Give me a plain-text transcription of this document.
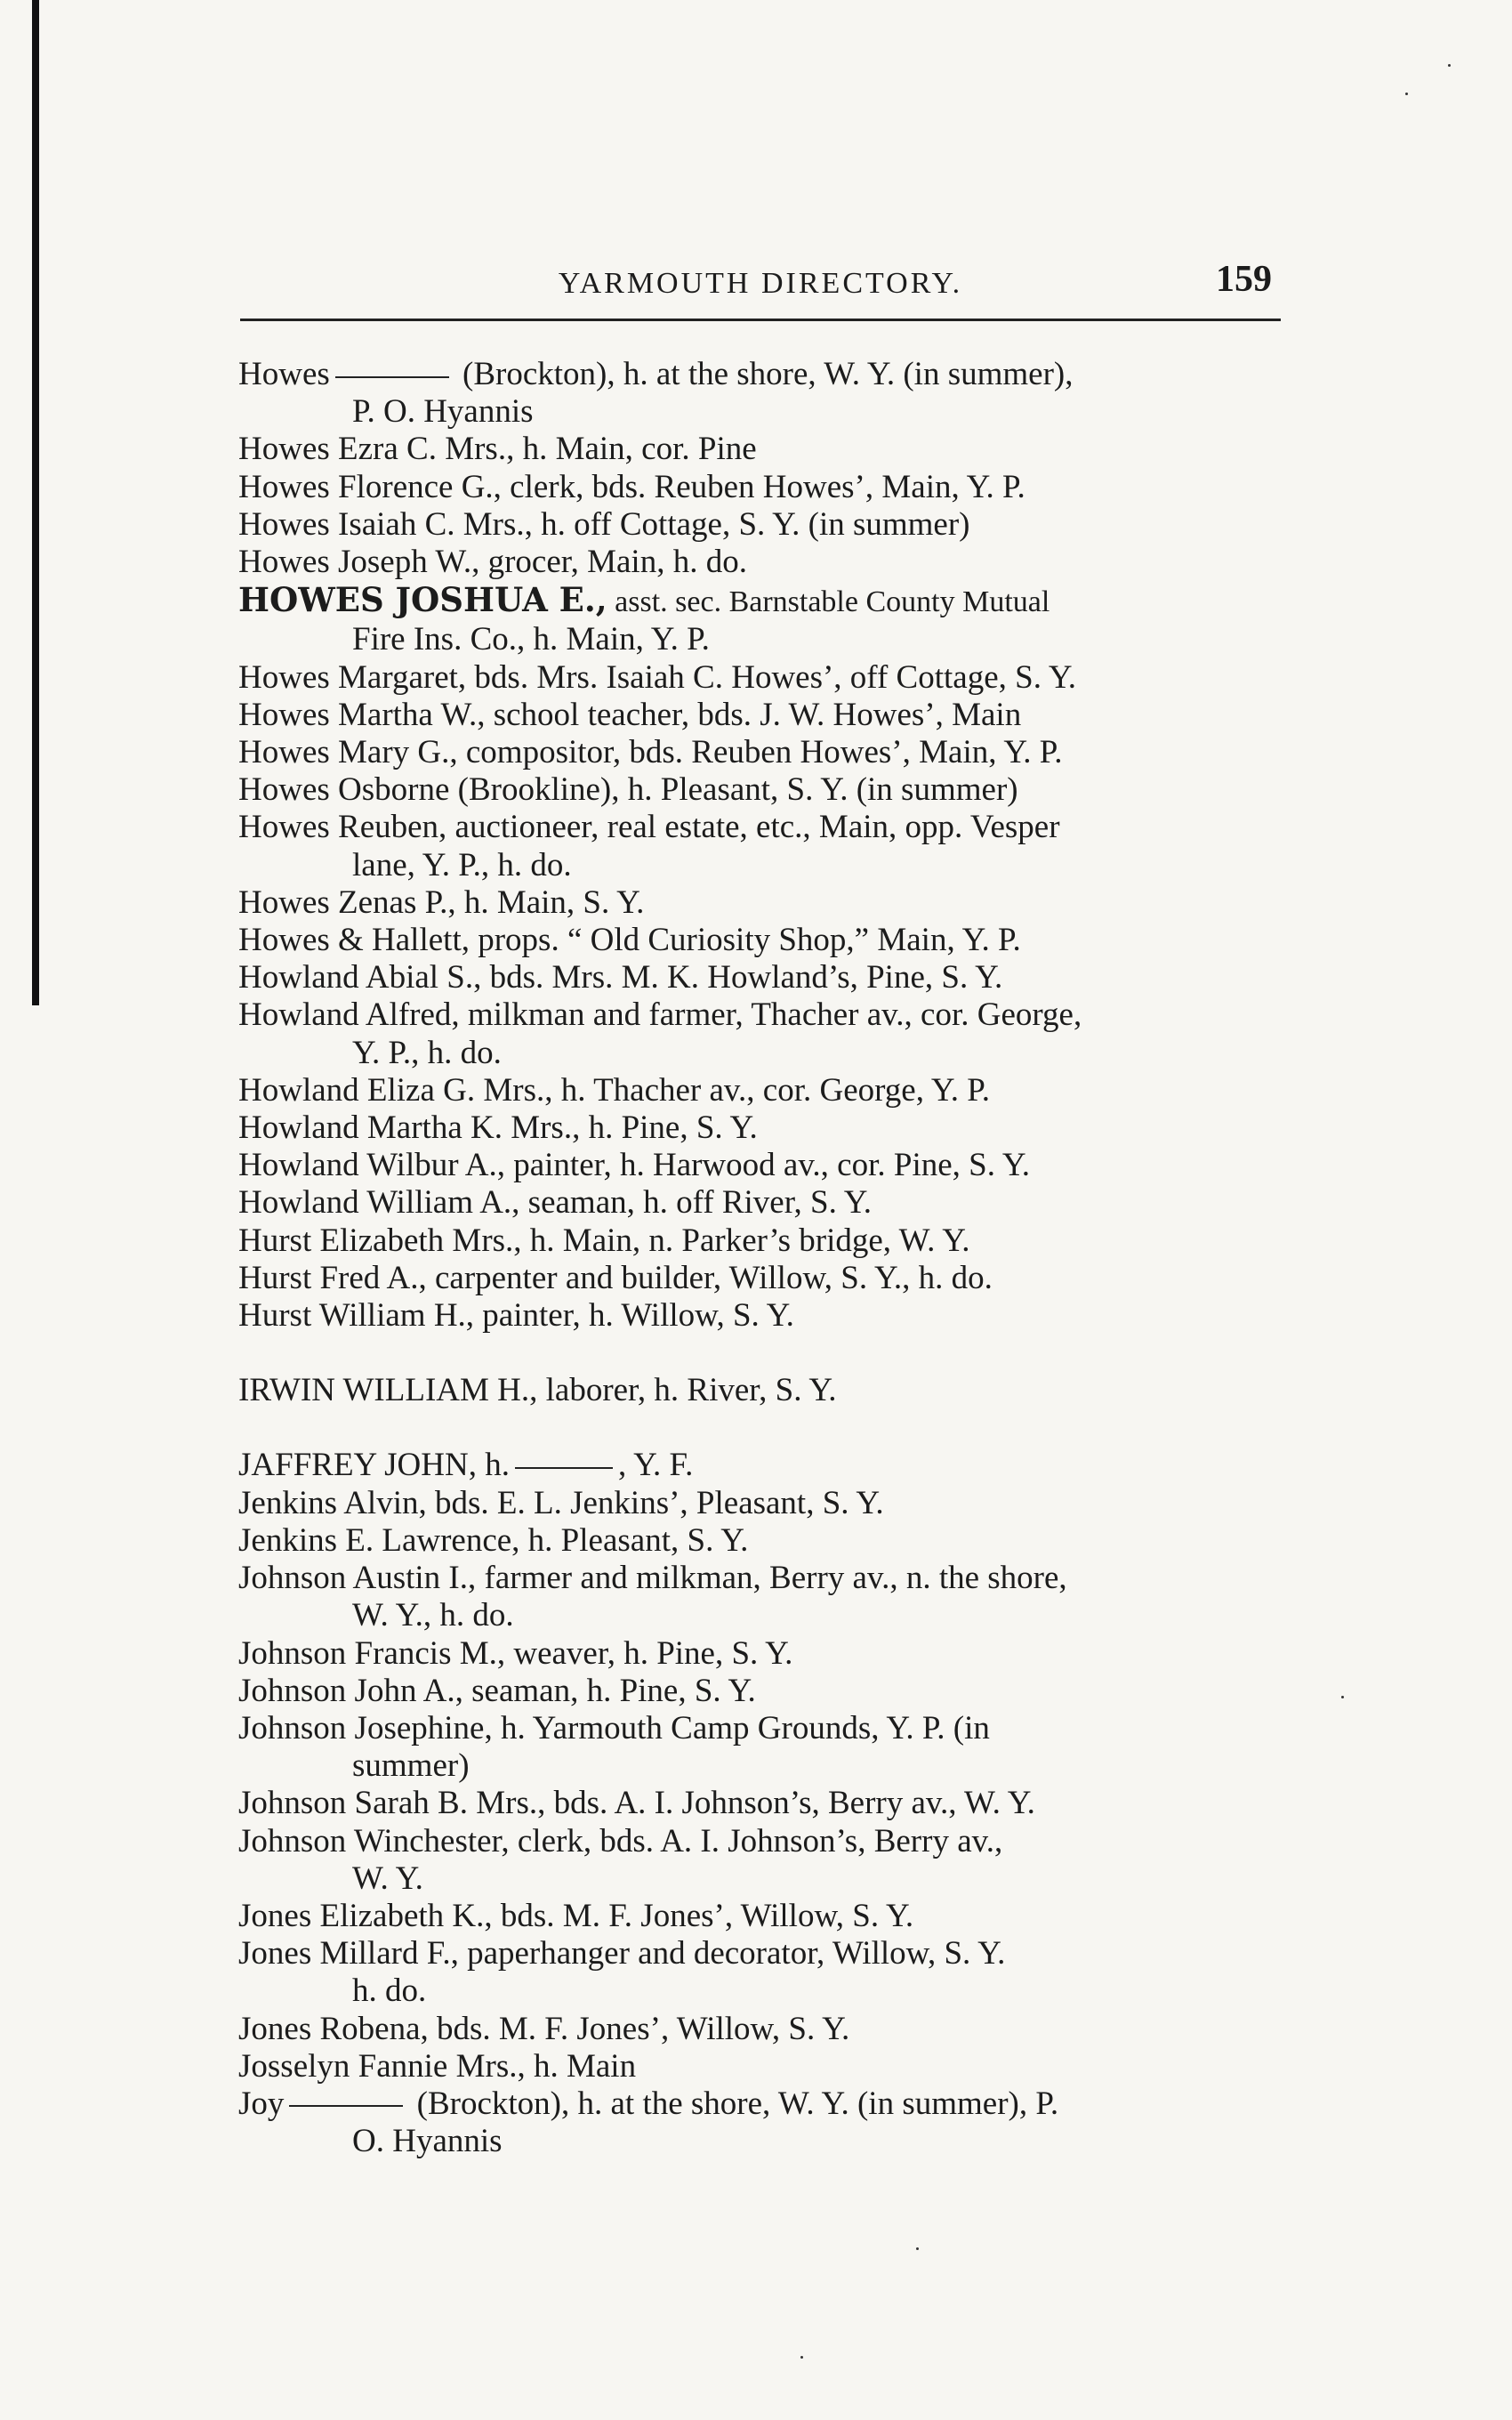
YARMOUTH DIRECTORY.	159
Howes	(Brockton), h. at the shore, W. Y. (in summer),
P. O. Hyannis
Howes Ezra C. Mrs., h. Main, cor. Pine
Howes Florence G., clerk, bds. Reuben Howes’, Main, Y. P.
Howes Isaiah C. Mrs., h. off Cottage, S. Y. (in summer)
Howes Joseph W., grocer, Main, h. do.
HOWES JOSHUA E., asst. sec. Barnstable County Mutual
Fire Ins. Co., h. Main, Y. P.
Howes Margaret, bds. Mrs. Isaiah C. Howes’, off Cottage, S. Y.
Howes Martha W., school teacher, bds. J. W. Howes’, Main
Howes Mary G., compositor, bds. Reuben Howes’, Main, Y. P.
Howes Osborne (Brookline), h. Pleasant, S. Y. (in summer)
Howes Reuben, auctioneer, real estate, etc., Main, opp. Vesper
lane, Y. P., h. do.
Howes Zenas P., h. Main, S. Y.
Howes & Hallett, props. “ Old Curiosity Shop,” Main, Y. P.
Howland Abial S., bds. Mrs. M. K. Howland’s, Pine, S. Y.
Howland Alfred, milkman and farmer, Thacher av., cor. George,
Y. P., h. do.
Howland Eliza G. Mrs., h. Thacher av., cor. George, Y. P.
Howland Martha K. Mrs., h. Pine, S. Y.
Howland Wilbur A., painter, h. Harwood av., cor. Pine, S. Y.
Howland William A., seaman, h. off River, S. Y.
Hurst Elizabeth Mrs., h. Main, n. Parker’s bridge, W. Y.
Hurst Fred A., carpenter and builder, Willow, S. Y., h. do.
Hurst William H., painter, h. Willow, S. Y.
IRWIN WILLIAM H., laborer, h. River, S. Y.
JAFFREY JOHN, h.	, Y. F.
Jenkins Alvin, bds. E. L. Jenkins’, Pleasant, S. Y.
Jenkins E. Lawrence, h. Pleasant, S. Y.
Johnson Austin I., farmer and milkman, Berry av., n. the shore,
W. Y., h. do.
Johnson Francis M., weaver, h. Pine, S. Y.
Johnson John A., seaman, h. Pine, S. Y.
Johnson Josephine, h. Yarmouth Camp Grounds, Y. P. (in
summer)
Johnson Sarah B. Mrs., bds. A. I. Johnson’s, Berry av., W. Y.
Johnson Winchester, clerk, bds. A. I. Johnson’s, Berry av.,
W. Y.
Jones Elizabeth K., bds. M. F. Jones’, Willow, S. Y.
Jones Millard F., paperhanger and decorator, Willow, S. Y.
h. do.
Jones Robena, bds. M. F. Jones’, Willow, S. Y.
Josselyn Fannie Mrs., h. Main
Joy	(Brockton), h. at the shore, W. Y. (in summer), P.
O. Hyannis
